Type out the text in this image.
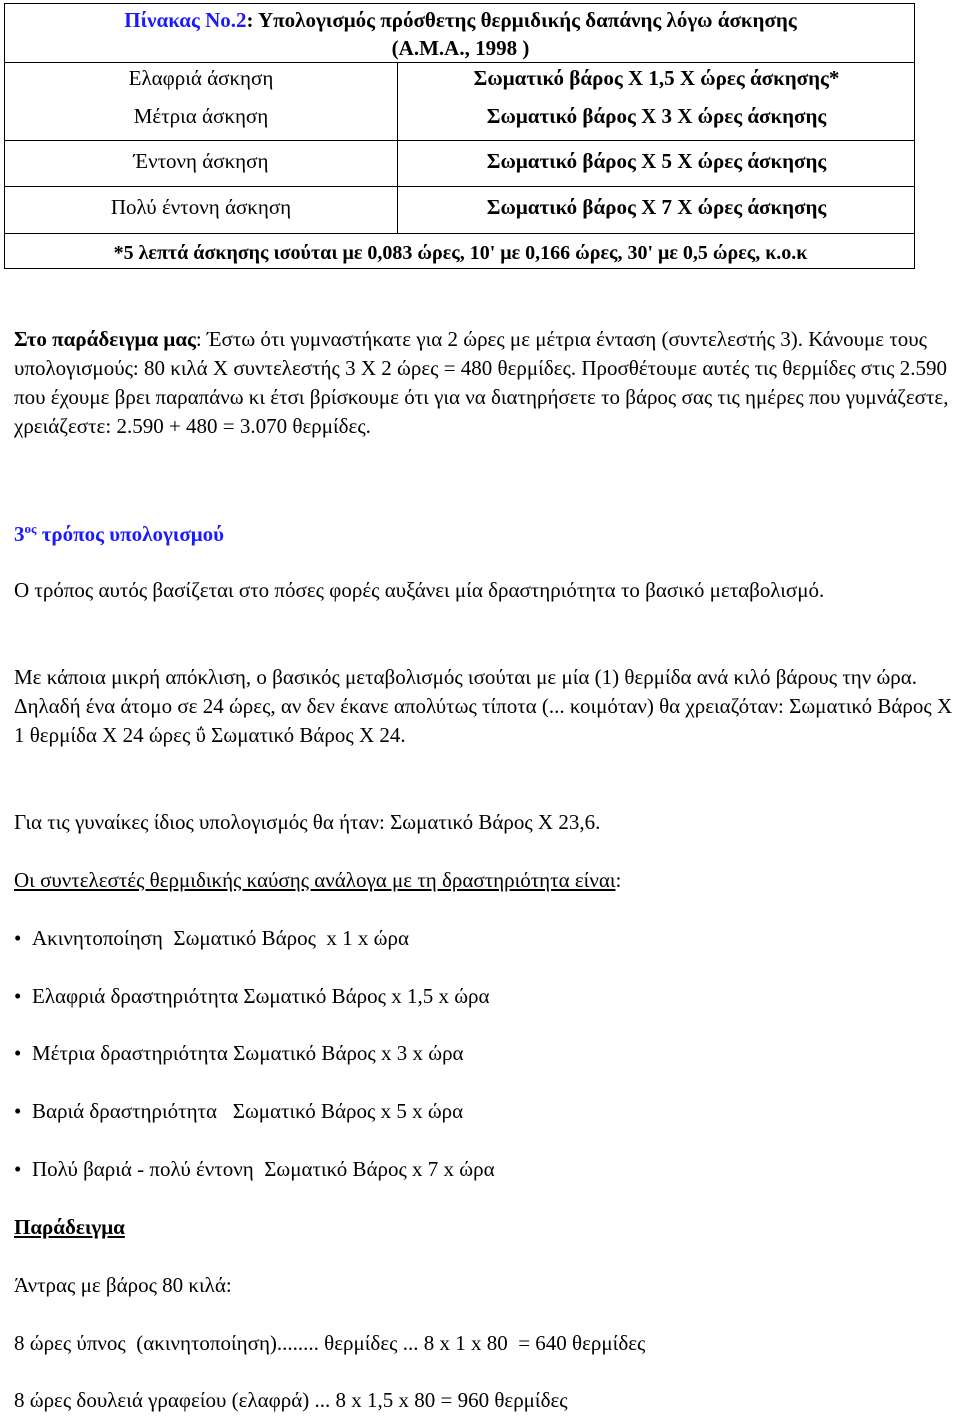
Πίνακας Νο.2: Υπολογισμός πρόσθετης θερμιδικής δαπάνης λόγω άσκησης
(Α.Μ.Α., 1998 )
Ελαφριά άσκηση	Σωματικό βάρος Χ 1,5 Χ ώρες άσκησης*
Μέτρια άσκηση	Σωματικό βάρος Χ 3 Χ ώρες άσκησης
Έντονη άσκηση	Σωματικό βάρος Χ 5 Χ ώρες άσκησης
Πολύ έντονη άσκηση	Σωματικό βάρος Χ 7 Χ ώρες άσκησης
*5 λεπτά άσκησης ισούται με 0,083 ώρες, 10' με 0,166 ώρες, 30' με 0,5 ώρες, κ.ο.κ
Στο παράδειγμα μας: Έστω ότι γυμναστήκατε για 2 ώρες με μέτρια ένταση (συντελεστής 3). Κάνουμε τους υπολογισμούς: 80 κιλά Χ συντελεστής 3 Χ 2 ώρες = 480 θερμίδες. Προσθέτουμε αυτές τις θερμίδες στις 2.590 που έχουμε βρει παραπάνω κι έτσι βρίσκουμε ότι για να διατηρήσετε το βάρος σας τις ημέρες που γυμνάζεστε, χρειάζεστε: 2.590 + 480 = 3.070 θερμίδες.
$3^{o\varsigma}$ τρόπος υπολογισμού
Ο τρόπος αυτός βασίζεται στο πόσες φορές αυξάνει μία δραστηριότητα το βασικό μεταβολισμό.
Με κάποια μικρή απόκλιση, ο βασικός μεταβολισμός ισούται με μία (1) θερμίδα ανά κιλό βάρους την ώρα. Δηλαδή ένα άτομο σε 24 ώρες, αν δεν έκανε απολύτως τίποτα (... κοιμόταν) θα χρειαζόταν: Σωματικό Βάρος Χ 1 θερμίδα Χ 24 ώρες ΰ Σωματικό Βάρος Χ 24.
Για τις γυναίκες ίδιος υπολογισμός θα ήταν: Σωματικό Βάρος Χ 23,6.
Οι συντελεστές θερμιδικής καύσης ανάλογα με τη δραστηριότητα είναι:
• Ακινητοποίηση  Σωματικό Βάρος  x 1 x ώρα
• Ελαφριά δραστηριότητα Σωματικό Βάρος x 1,5 x ώρα
• Μέτρια δραστηριότητα Σωματικό Βάρος x 3 x ώρα
• Βαριά δραστηριότητα   Σωματικό Βάρος x 5 x ώρα
• Πολύ βαριά - πολύ έντονη  Σωματικό Βάρος x 7 x ώρα
Παράδειγμα
Άντρας με βάρος 80 κιλά:
8 ώρες ύπνος  (ακινητοποίηση)........ θερμίδες ... 8 x 1 x 80  = 640 θερμίδες
8 ώρες δουλειά γραφείου (ελαφρά) ... 8 x 1,5 x 80 = 960 θερμίδες
